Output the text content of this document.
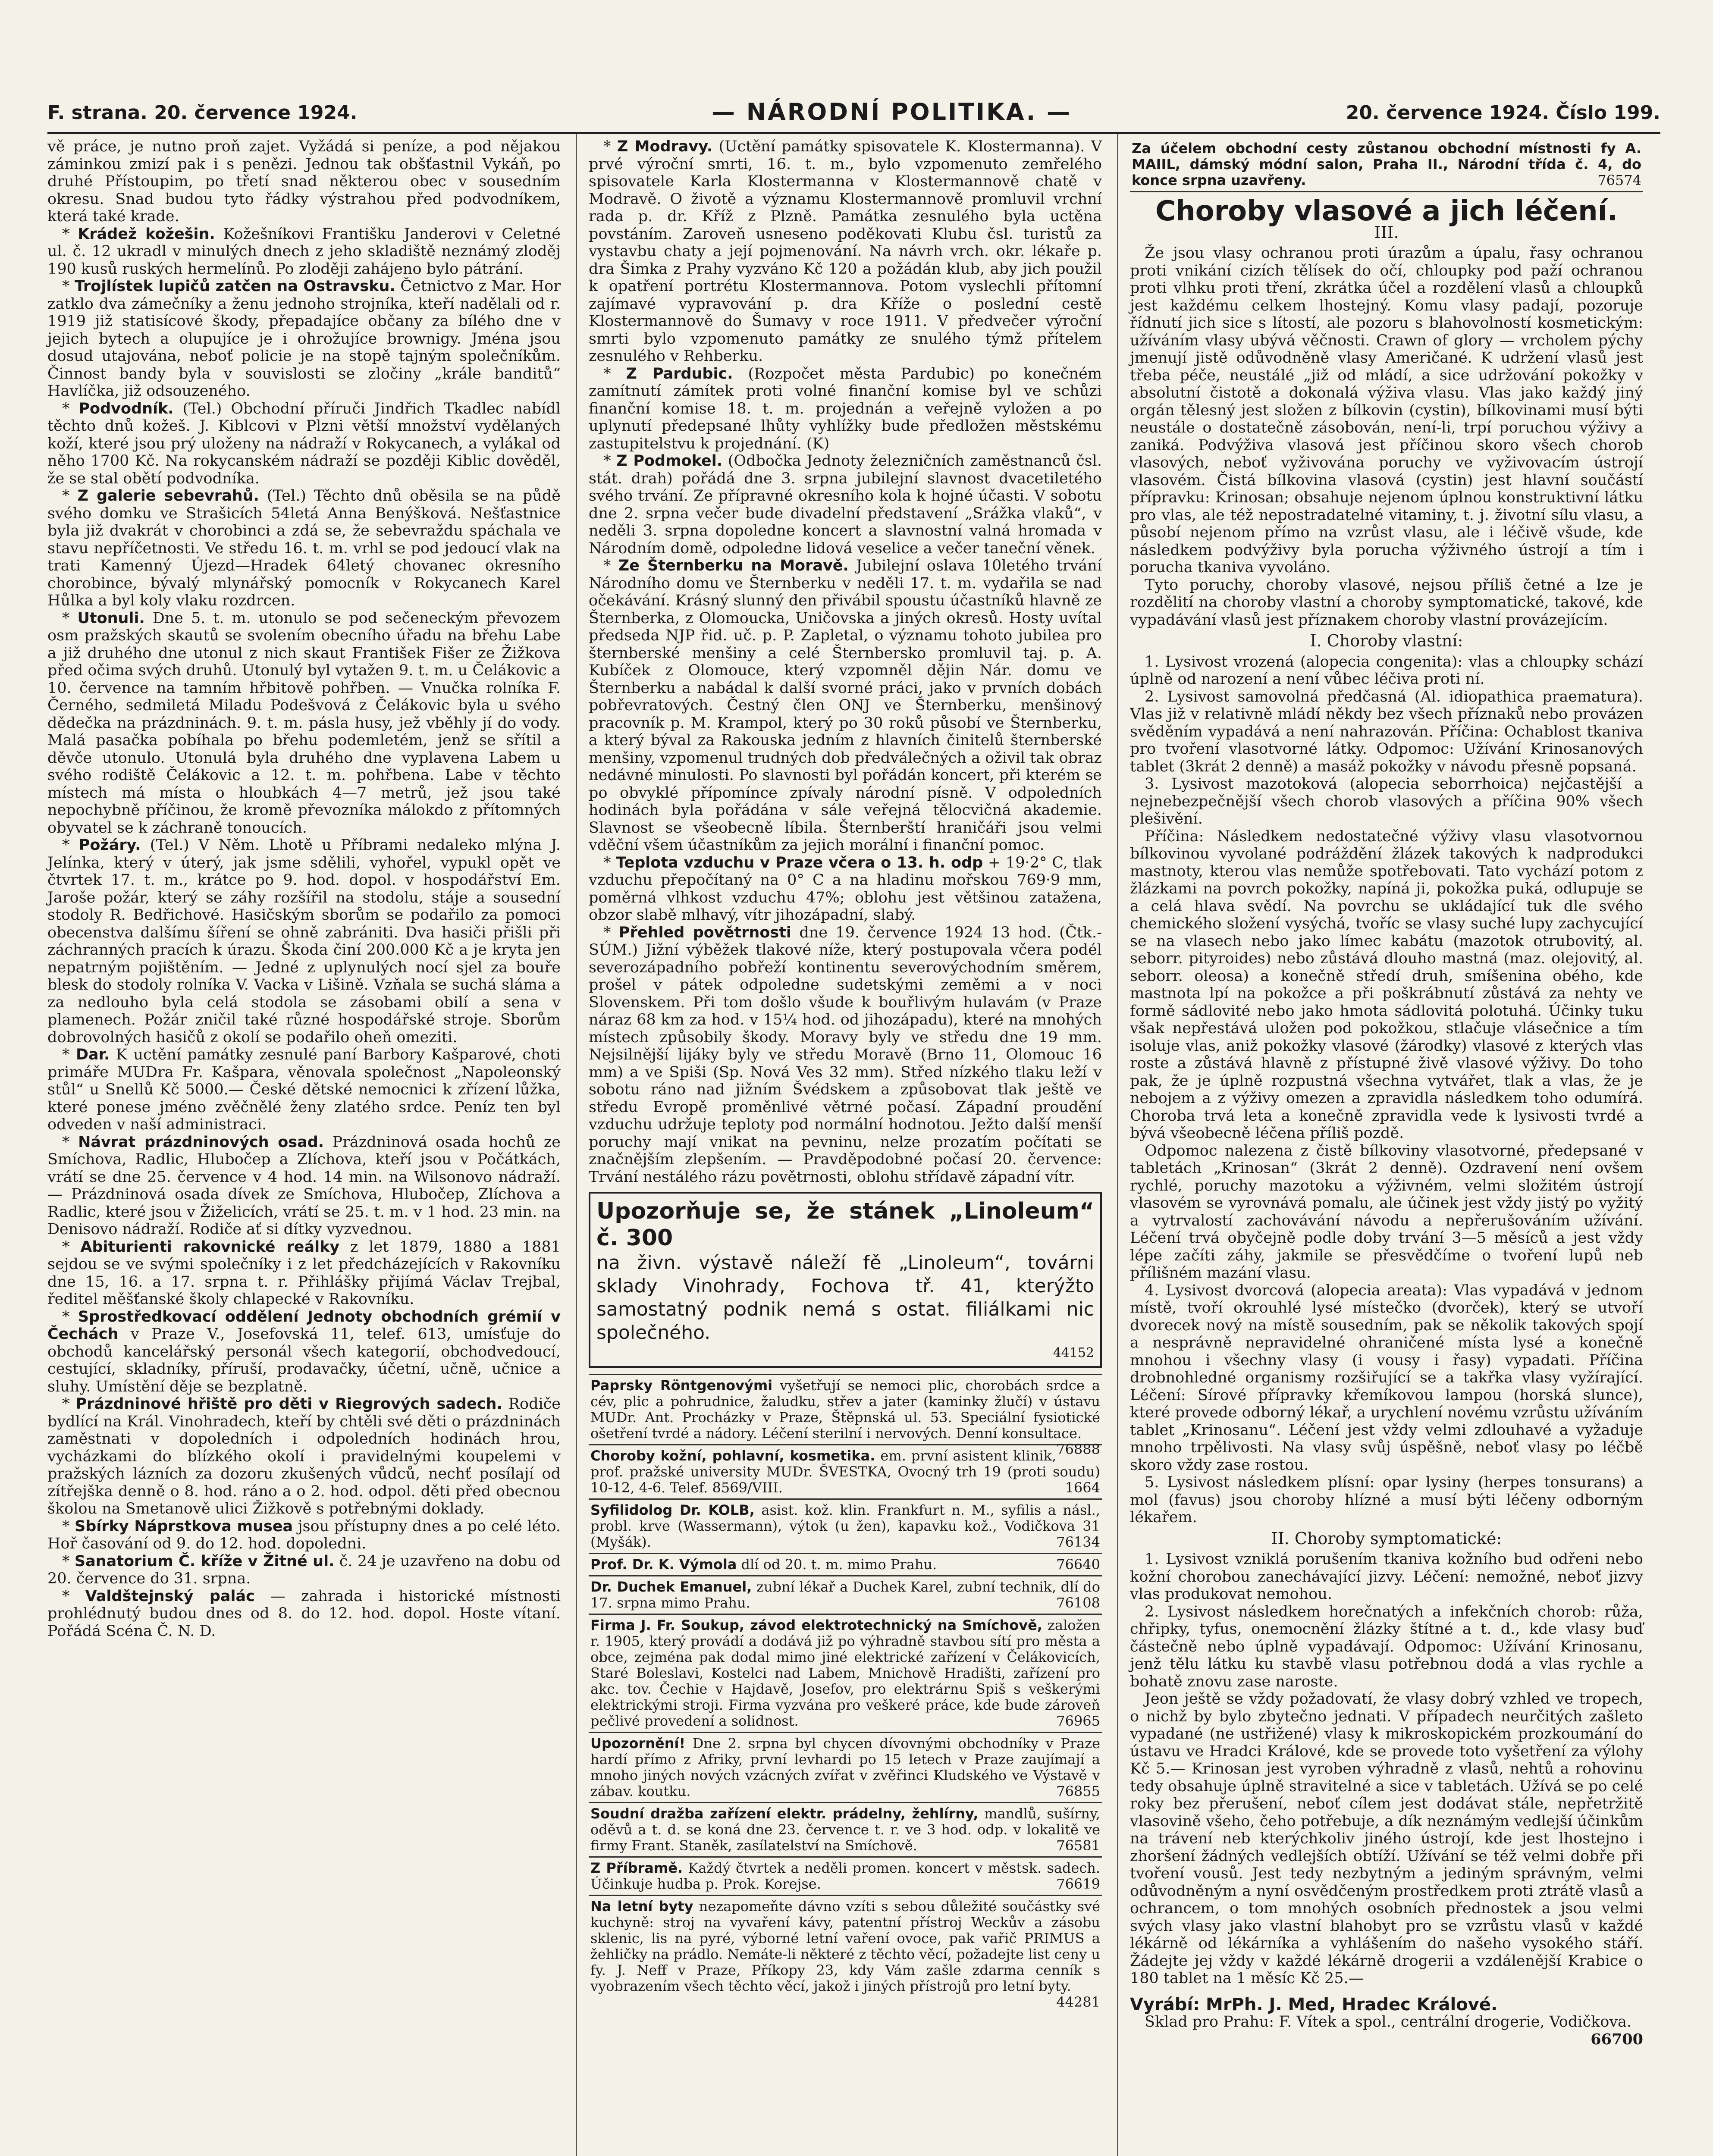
F. strana. 20. července 1924.	— NÁRODNÍ POLITIKA. —	20. července 1924. Číslo 199.

vě práce, je nutno proň zajet. Vyžádá si peníze, a pod nějakou záminkou zmizí pak i s penězi. Jednou tak obšťastnil Vykáň, po druhé Přístoupim, po třetí snad některou obec v sousedním okresu. Snad budou tyto řádky výstrahou před podvodníkem, která také krade.

* Krádež kožešin. Kožešníkovi Františku Janderovi v Celetné ul. č. 12 ukradl v minulých dnech z jeho skladiště neznámý zloděj 190 kusů ruských hermelínů. Po zloději zahájeno bylo pátrání.

* Trojlístek lupičů zatčen na Ostravsku. Četnictvo z Mar. Hor zatklo dva zámečníky a ženu jednoho strojníka, kteří nadělali od r. 1919 již statisícové škody, přepadajíce občany za bílého dne v jejich bytech a olupujíce je i ohrožujíce brownigy. Jména jsou dosud utajována, neboť policie je na stopě tajným společníkům. Činnost bandy byla v souvislosti se zločiny „krále banditů“ Havlíčka, již odsouzeného.

* Podvodník. (Tel.) Obchodní příruči Jindřich Tkadlec nabídl těchto dnů kožeš. J. Kiblcovi v Plzni větší množství vydělaných koží, které jsou prý uloženy na nádraží v Rokycanech, a vylákal od něho 1700 Kč. Na rokycanském nádraží se později Kiblic dověděl, že se stal obětí podvodníka.

* Z galerie sebevrahů. (Tel.) Těchto dnů oběsila se na půdě svého domku ve Strašicích 54letá Anna Benýšková. Nešťastnice byla již dvakrát v chorobinci a zdá se, že sebevraždu spáchala ve stavu nepříčetnosti. Ve středu 16. t. m. vrhl se pod jedoucí vlak na trati Kamenný Újezd—Hradek 64letý chovanec okresního chorobince, bývalý mlynářský pomocník v Rokycanech Karel Hůlka a byl koly vlaku rozdrcen.

* Utonuli. Dne 5. t. m. utonulo se pod sečeneckým převozem osm pražských skautů se svolením obecního úřadu na břehu Labe a již druhého dne utonul z nich skaut František Fišer ze Žižkova před očima svých druhů. Utonulý byl vytažen 9. t. m. u Čelákovic a 10. července na tamním hřbitově pohřben. — Vnučka rolníka F. Černého, sedmiletá Miladu Podešvová z Čelákovic byla u svého dědečka na prázdninách. 9. t. m. pásla husy, jež vběhly jí do vody. Malá pasačka pobíhala po břehu podemletém, jenž se sřítil a děvče utonulo. Utonulá byla druhého dne vyplavena Labem u svého rodiště Čelákovic a 12. t. m. pohřbena. Labe v těchto místech má místa o hloubkách 4—7 metrů, jež jsou také nepochybně příčinou, že kromě převozníka málokdo z přítomných obyvatel se k záchraně tonoucích.

* Požáry. (Tel.) V Něm. Lhotě u Příbrami nedaleko mlýna J. Jelínka, který v úterý, jak jsme sdělili, vyhořel, vypukl opět ve čtvrtek 17. t. m., krátce po 9. hod. dopol. v hospodářství Em. Jaroše požár, který se záhy rozšířil na stodolu, stáje a sousední stodoly R. Bedřichové. Hasičským sborům se podařilo za pomoci obecenstva dalšímu šíření se ohně zabrániti. Dva hasiči přišli při záchranných pracích k úrazu. Škoda činí 200.000 Kč a je kryta jen nepatrným pojištěním. — Jedné z uplynulých nocí sjel za bouře blesk do stodoly rolníka V. Vacka v Lišině. Vzňala se suchá sláma a za nedlouho byla celá stodola se zásobami obilí a sena v plamenech. Požár zničil také různé hospodářské stroje. Sborům dobrovolných hasičů z okolí se podařilo oheň omeziti.

* Dar. K uctění památky zesnulé paní Barbory Kašparové, choti primáře MUDra Fr. Kašpara, věnovala společnost „Napoleonský stůl“ u Snellů Kč 5000.— České dětské nemocnici k zřízení lůžka, které ponese jméno zvěčnělé ženy zlatého srdce. Peníz ten byl odveden v naší administraci.

* Návrat prázdninových osad. Prázdninová osada hochů ze Smíchova, Radlic, Hlubočep a Zlíchova, kteří jsou v Počátkách, vrátí se dne 25. července v 4 hod. 14 min. na Wilsonovo nádraží. — Prázdninová osada dívek ze Smíchova, Hlubočep, Zlíchova a Radlic, které jsou v Žiželicích, vrátí se 25. t. m. v 1 hod. 23 min. na Denisovo nádraží. Rodiče ať si dítky vyzvednou.

* Abiturienti rakovnické reálky z let 1879, 1880 a 1881 sejdou se ve svými společníky i z let předcházejících v Rakovníku dne 15, 16. a 17. srpna t. r. Přihlášky přijímá Václav Trejbal, ředitel měšťanské školy chlapecké v Rakovníku.

* Sprostředkovací oddělení Jednoty obchodních grémií v Čechách v Praze V., Josefovská 11, telef. 613, umísťuje do obchodů kancelářský personál všech kategorií, obchodvedoucí, cestující, skladníky, příruší, prodavačky, účetní, učně, učnice a sluhy. Umístění děje se bezplatně.

* Prázdninové hřiště pro děti v Riegrových sadech. Rodiče bydlící na Král. Vinohradech, kteří by chtěli své děti o prázdninách zaměstnati v dopoledních i odpoledních hodinách hrou, vycházkami do blízkého okolí i pravidelnými koupelemi v pražských lázních za dozoru zkušených vůdců, nechť posílají od zítřejška denně o 8. hod. ráno a o 2. hod. odpol. děti před obecnou školou na Smetanově ulici Žižkově s potřebnými doklady.

* Sbírky Náprstkova musea jsou přístupny dnes a po celé léto. Hoř časování od 9. do 12. hod. dopoledni.

* Sanatorium Č. kříže v Žitné ul. č. 24 je uzavřeno na dobu od 20. července do 31. srpna.

* Valdštejnský palác — zahrada i historické místnosti prohlédnutý budou dnes od 8. do 12. hod. dopol. Hoste vítaní. Pořádá Scéna Č. N. D.

* Z Modravy. (Uctění památky spisovatele K. Klostermanna). V prvé výroční smrti, 16. t. m., bylo vzpomenuto zemřelého spisovatele Karla Klostermanna v Klostermannově chatě v Modravě. O životě a významu Klostermannově promluvil vrchní rada p. dr. Kříž z Plzně. Památka zesnulého byla uctěna povstáním. Zaroveň usneseno poděkovati Klubu čsl. turistů za vystavbu chaty a její pojmenování. Na návrh vrch. okr. lékaře p. dra Šimka z Prahy vyzváno Kč 120 a požádán klub, aby jich použil k opatření portrétu Klostermannova. Potom vyslechli přítomní zajímavé vypravování p. dra Kříže o poslední cestě Klostermannově do Šumavy v roce 1911. V předvečer výroční smrti bylo vzpomenuto památky ze snulého týmž přítelem zesnulého v Rehberku.

* Z Pardubic. (Rozpočet města Pardubic) po konečném zamítnutí zámítek proti volné finanční komise byl ve schůzi finanční komise 18. t. m. projednán a veřejně vyložen a po uplynutí předepsané lhůty vyhlížky bude předložen městskému zastupitelstvu k projednání. (K)

* Z Podmokel. (Odbočka Jednoty železničních zaměstnanců čsl. stát. drah) pořádá dne 3. srpna jubilejní slavnost dvacetiletého svého trvání. Ze přípravné okresního kola k hojné účasti. V sobotu dne 2. srpna večer bude divadelní představení „Srážka vlaků“, v neděli 3. srpna dopoledne koncert a slavnostní valná hromada v Národním domě, odpoledne lidová veselice a večer taneční věnek.

* Ze Šternberku na Moravě. Jubilejní oslava 10letého trvání Národního domu ve Šternberku v neděli 17. t. m. vydařila se nad očekávání. Krásný slunný den přivábil spoustu účastníků hlavně ze Šternberka, z Olomoucka, Uničovska a jiných okresů. Hosty uvítal předseda NJP řid. uč. p. P. Zapletal, o významu tohoto jubilea pro šternberské menšiny a celé Šternbersko promluvil taj. p. A. Kubíček z Olomouce, který vzpomněl dějin Nár. domu ve Šternberku a nabádal k další svorné práci, jako v prvních dobách pobřevratových. Čestný člen ONJ ve Šternberku, menšinový pracovník p. M. Krampol, který po 30 roků působí ve Šternberku, a který býval za Rakouska jedním z hlavních činitelů šternberské menšiny, vzpomenul trudných dob předválečných a oživil tak obraz nedávné minulosti. Po slavnosti byl pořádán koncert, při kterém se po obvyklé přípomínce zpívaly národní písně. V odpoledních hodinách byla pořádána v sále veřejná tělocvičná akademie. Slavnost se všeobecně líbila. Šternberští hraničáři jsou velmi vděční všem účastníkům za jejich morální i finanční pomoc.

* Teplota vzduchu v Praze včera o 13. h. odp + 19·2° C, tlak vzduchu přepočítaný na 0° C a na hladinu mořskou 769·9 mm, poměrná vlhkost vzduchu 47%; oblohu jest většinou zatažena, obzor slabě mlhavý, vítr jihozápadní, slabý.

* Přehled povětrnosti dne 19. července 1924 13 hod. (Čtk.-SÚM.) Jižní výběžek tlakové níže, který postupovala včera podél severozápadního pobřeží kontinentu severovýchodním směrem, prošel v pátek odpoledne sudetskými zeměmi a v noci Slovenskem. Při tom došlo všude k bouřlivým hulavám (v Praze náraz 68 km za hod. v 15¼ hod. od jihozápadu), které na mnohých místech způsobily škody. Moravy byly ve středu dne 19 mm. Nejsilnější lijáky byly ve středu Moravě (Brno 11, Olomouc 16 mm) a ve Spiši (Sp. Nová Ves 32 mm). Střed nízkého tlaku leží v sobotu ráno nad jižním Švédskem a způsobovat tlak ještě ve středu Evropě proměnlivé větrné počasí. Západní proudění vzduchu udržuje teploty pod normální hodnotou. Ježto další menší poruchy mají vnikat na pevninu, nelze prozatím počítati se značnějším zlepšením. — Pravděpodobné počasí 20. července: Trvání nestálého rázu povětrnosti, oblohu střídavě západní vítr.

Upozorňuje se, že stánek „Linoleum“ č. 300
na živn. výstavě náleží fě „Linoleum“, továrni sklady Vinohrady, Fochova tř. 41, kterýžto samostatný podnik nemá s ostat. filiálkami nic společného.
44152
Paprsky Röntgenovými vyšetřují se nemoci plic, chorobách srdce a cév, plic a pohrudnice, žaludku, střev a jater (kaminky žlučí) v ústavu MUDr. Ant. Procházky v Praze, Štěpnská ul. 53. Speciální fysiotické ošetření tvrdé a nádory. Léčení sterilní i nervových. Denní konsultace.
76888
Choroby kožní, pohlavní, kosmetika. em. první asistent klinik, prof. pražské university MUDr. ŠVESTKA, Ovocný trh 19 (proti soudu) 10-12, 4-6. Telef. 8569/VIII.	1664
Syfilidolog Dr. KOLB, asist. kož. klin. Frankfurt n. M., syfilis a násl., probl. krve (Wassermann), výtok (u žen), kapavku kož., Vodičkova 31 (Myšák).	76134
Prof. Dr. K. Výmola dlí od 20. t. m. mimo Prahu.	76640
Dr. Duchek Emanuel, zubní lékař a Duchek Karel, zubní technik, dlí do 17. srpna mimo Prahu.	76108
Firma J. Fr. Soukup, závod elektrotechnický na Smíchově, založen r. 1905, který provádí a dodává již po výhradně stavbou sítí pro města a obce, zejména pak dodal mimo jiné elektrické zařízení v Čelákovicích, Staré Boleslavi, Kostelci nad Labem, Mnichově Hradišti, zařízení pro akc. tov. Čechie v Hajdavě, Josefov, pro elektrárnu Spiš s veškerými elektrickými stroji. Firma vyzvána pro veškeré práce, kde bude zároveň pečlivé provedení a solidnost.	76965
Upozornění! Dne 2. srpna byl chycen dívovnými obchodníky v Praze hardí přímo z Afriky, první levhardi po 15 letech v Praze zaujímají a mnoho jiných nových vzácných zvířat v zvěřinci Kludského ve Výstavě v zábav. koutku.	76855
Soudní dražba zařízení elektr. prádelny, žehlírny, mandlů, sušírny, oděvů a t. d. se koná dne 23. července t. r. ve 3 hod. odp. v lokalitě ve firmy Frant. Staněk, zasílatelství na Smíchově.	76581
Z Příbramě. Každý čtvrtek a neděli promen. koncert v městsk. sadech. Účinkuje hudba p. Prok. Korejse.	76619
Na letní byty nezapomeňte dávno vzíti s sebou důležité součástky své kuchyně: stroj na vyvaření kávy, patentní přístroj Weckův a zásobu sklenic, lis na pyré, výborné letní vaření ovoce, pak vařič PRIMUS a žehličky na prádlo. Nemáte-li některé z těchto věcí, požadejte list ceny u fy. J. Neff v Praze, Příkopy 23, kdy Vám zašle zdarma cenník s vyobrazením všech těchto věcí, jakož i jiných přístrojů pro letní byty.
44281
Za účelem obchodní cesty zůstanou obchodní místnosti fy A. MAIIL, dámský módní salon, Praha II., Národní třída č. 4, do konce srpna uzavřeny.	76574
Choroby vlasové a jich léčení.
III.

Že jsou vlasy ochranou proti úrazům a úpalu, řasy ochranou proti vnikání cizích tělísek do očí, chloupky pod paží ochranou proti vlhku proti tření, zkrátka účel a rozdělení vlasů a chloupků jest každému celkem lhostejný. Komu vlasy padají, pozoruje řídnutí jich sice s lítostí, ale pozoru s blahovolností kosmetickým: užíváním vlasy ubývá věčnosti. Crawn of glory — vrcholem pýchy jmenují jistě odůvodněně vlasy Američané. K udržení vlasů jest třeba péče, neustálé „již od mládí, a sice udržování pokožky v absolutní čistotě a dokonalá výživa vlasu. Vlas jako každý jiný orgán tělesný jest složen z bílkovin (cystin), bílkovinami musí býti neustále o dostatečně zásobován, není-li, trpí poruchou výživy a zaniká. Podvýživa vlasová jest příčinou skoro všech chorob vlasových, neboť vyživována poruchy ve vyživovacím ústrojí vlasovém. Čistá bílkovina vlasová (cystin) jest hlavní součástí přípravku: Krinosan; obsahuje nejenom úplnou konstruktivní látku pro vlas, ale též nepostradatelné vitaminy, t. j. životní sílu vlasu, a působí nejenom přímo na vzrůst vlasu, ale i léčivě všude, kde následkem podvýživy byla porucha výživného ústrojí a tím i porucha tkaniva vyvoláno.

Tyto poruchy, choroby vlasové, nejsou příliš četné a lze je rozdělití na choroby vlastní a choroby symptomatické, takové, kde vypadávání vlasů jest příznakem choroby vlastní provázejícím.

I. Choroby vlastní:

1. Lysivost vrozená (alopecia congenita): vlas a chloupky schází úplně od narození a není vůbec léčiva proti ní.

2. Lysivost samovolná předčasná (Al. idiopathica praematura). Vlas již v relativně mládí někdy bez všech příznaků nebo provázen svěděním vypadává a není nahrazován. Příčina: Ochablost tkaniva pro tvoření vlasotvorné látky. Odpomoc: Užívání Krinosanových tablet (3krát 2 denně) a masáž pokožky v návodu přesně popsaná.

3. Lysivost mazotoková (alopecia seborrhoica) nejčastější a nejnebezpečnější všech chorob vlasových a příčina 90% všech plešivění.

Příčina: Následkem nedostatečné výživy vlasu vlasotvornou bílkovinou vyvolané podráždění žlázek takových k nadprodukci mastnoty, kterou vlas nemůže spotřebovati. Tato vychází potom z žlázkami na povrch pokožky, napíná ji, pokožka puká, odlupuje se a celá hlava svědí. Na povrchu se ukládající tuk dle svého chemického složení vysýchá, tvoříc se vlasy suché lupy zachycující se na vlasech nebo jako límec kabátu (mazotok otrubovitý, al. seborr. pityroides) nebo zůstává dlouho mastná (maz. olejovitý, al. seborr. oleosa) a konečně středí druh, smíšenina obého, kde mastnota lpí na pokožce a při poškrábnutí zůstává za nehty ve formě sádlovité nebo jako hmota sádlovitá polotuhá. Účinky tuku však nepřestává uložen pod pokožkou, stlačuje vlásečnice a tím isoluje vlas, aniž pokožky vlasové (žárodky) vlasové z kterých vlas roste a zůstává hlavně z přístupné živě vlasové výživy. Do toho pak, že je úplně rozpustná všechna vytvářet, tlak a vlas, že je nebojem a z výživy omezen a zpravidla následkem toho odumírá. Choroba trvá leta a konečně zpravidla vede k lysivosti tvrdé a bývá všeobecně léčena příliš pozdě.

Odpomoc nalezena z čistě bílkoviny vlasotvorné, předepsané v tabletách „Krinosan“ (3krát 2 denně). Ozdravení není ovšem rychlé, poruchy mazotoku a výživném, velmi složitém ústrojí vlasovém se vyrovnává pomalu, ale účinek jest vždy jistý po vyžitý a vytrvalostí zachovávání návodu a nepřerušováním užívání. Léčení trvá obyčejně podle doby trvání 3—5 měsíců a jest vždy lépe začíti záhy, jakmile se přesvědčíme o tvoření lupů neb přílišném mazání vlasu.

4. Lysivost dvorcová (alopecia areata): Vlas vypadává v jednom místě, tvoří okrouhlé lysé místečko (dvorček), který se utvoří dvorecek nový na místě sousedním, pak se několik takových spojí a nesprávně nepravidelné ohraničené místa lysé a konečně mnohou i všechny vlasy (i vousy i řasy) vypadati. Příčina drobnohledné organismy rozšiřující se a takřka vlasy vyžírající. Léčení: Sírové přípravky křemíkovou lampou (horská slunce), které provede odborný lékař, a urychlení novému vzrůstu užíváním tablet „Krinosanu“. Léčení jest vždy velmi zdlouhavé a vyžaduje mnoho trpělivosti. Na vlasy svůj úspěšně, neboť vlasy po léčbě skoro vždy zase rostou.

5. Lysivost následkem plísní: opar lysiny (herpes tonsurans) a mol (favus) jsou choroby hlízné a musí býti léčeny odborným lékařem.

II. Choroby symptomatické:

1. Lysivost vzniklá porušením tkaniva kožního bud odřeni nebo kožní chorobou zanechávající jizvy. Léčení: nemožné, neboť jizvy vlas produkovat nemohou.

2. Lysivost následkem horečnatých a infekčních chorob: růža, chřipky, tyfus, onemocnění žlázky štítné a t. d., kde vlasy buď částečně nebo úplně vypadávají. Odpomoc: Užívání Krinosanu, jenž tělu látku ku stavbě vlasu potřebnou dodá a vlas rychle a bohatě znovu zase naroste.

Jeon ještě se vždy požadovatí, že vlasy dobrý vzhled ve tropech, o nichž by bylo zbytečno jednati. V případech neurčitých zašleto vypadané (ne ustřižené) vlasy k mikroskopickém prozkoumání do ústavu ve Hradci Králové, kde se provede toto vyšetření za výlohy Kč 5.— Krinosan jest vyroben výhradně z vlasů, nehtů a rohovinu tedy obsahuje úplně stravitelné a sice v tabletách. Užívá se po celé roky bez přerušení, neboť cílem jest dodávat stále, nepřetržitě vlasovině všeho, čeho potřebuje, a dík neznámým vedlejší účinkům na trávení neb kterýchkoliv jiného ústrojí, kde jest lhostejno i zhoršení žádných vedlejších obtíží. Užívání se též velmi dobře při tvoření vousů. Jest tedy nezbytným a jediným správným, velmi odůvodněným a nyní osvědčeným prostředkem proti ztrátě vlasů a ochrancem, o tom mnohých osobních přednostek a jsou velmi svých vlasy jako vlastní blahobyt pro se vzrůstu vlasů v každé lékárně od lékárníka a vyhlášením do našeho vysokého stáří. Žádejte jej vždy v každé lékárně drogerii a vzdálenější Krabice o 180 tablet na 1 měsíc Kč 25.—

Vyrábí: MrPh. J. Med, Hradec Králové.

Sklad pro Prahu: F. Vítek a spol., centrální drogerie, Vodičkova.

66700
